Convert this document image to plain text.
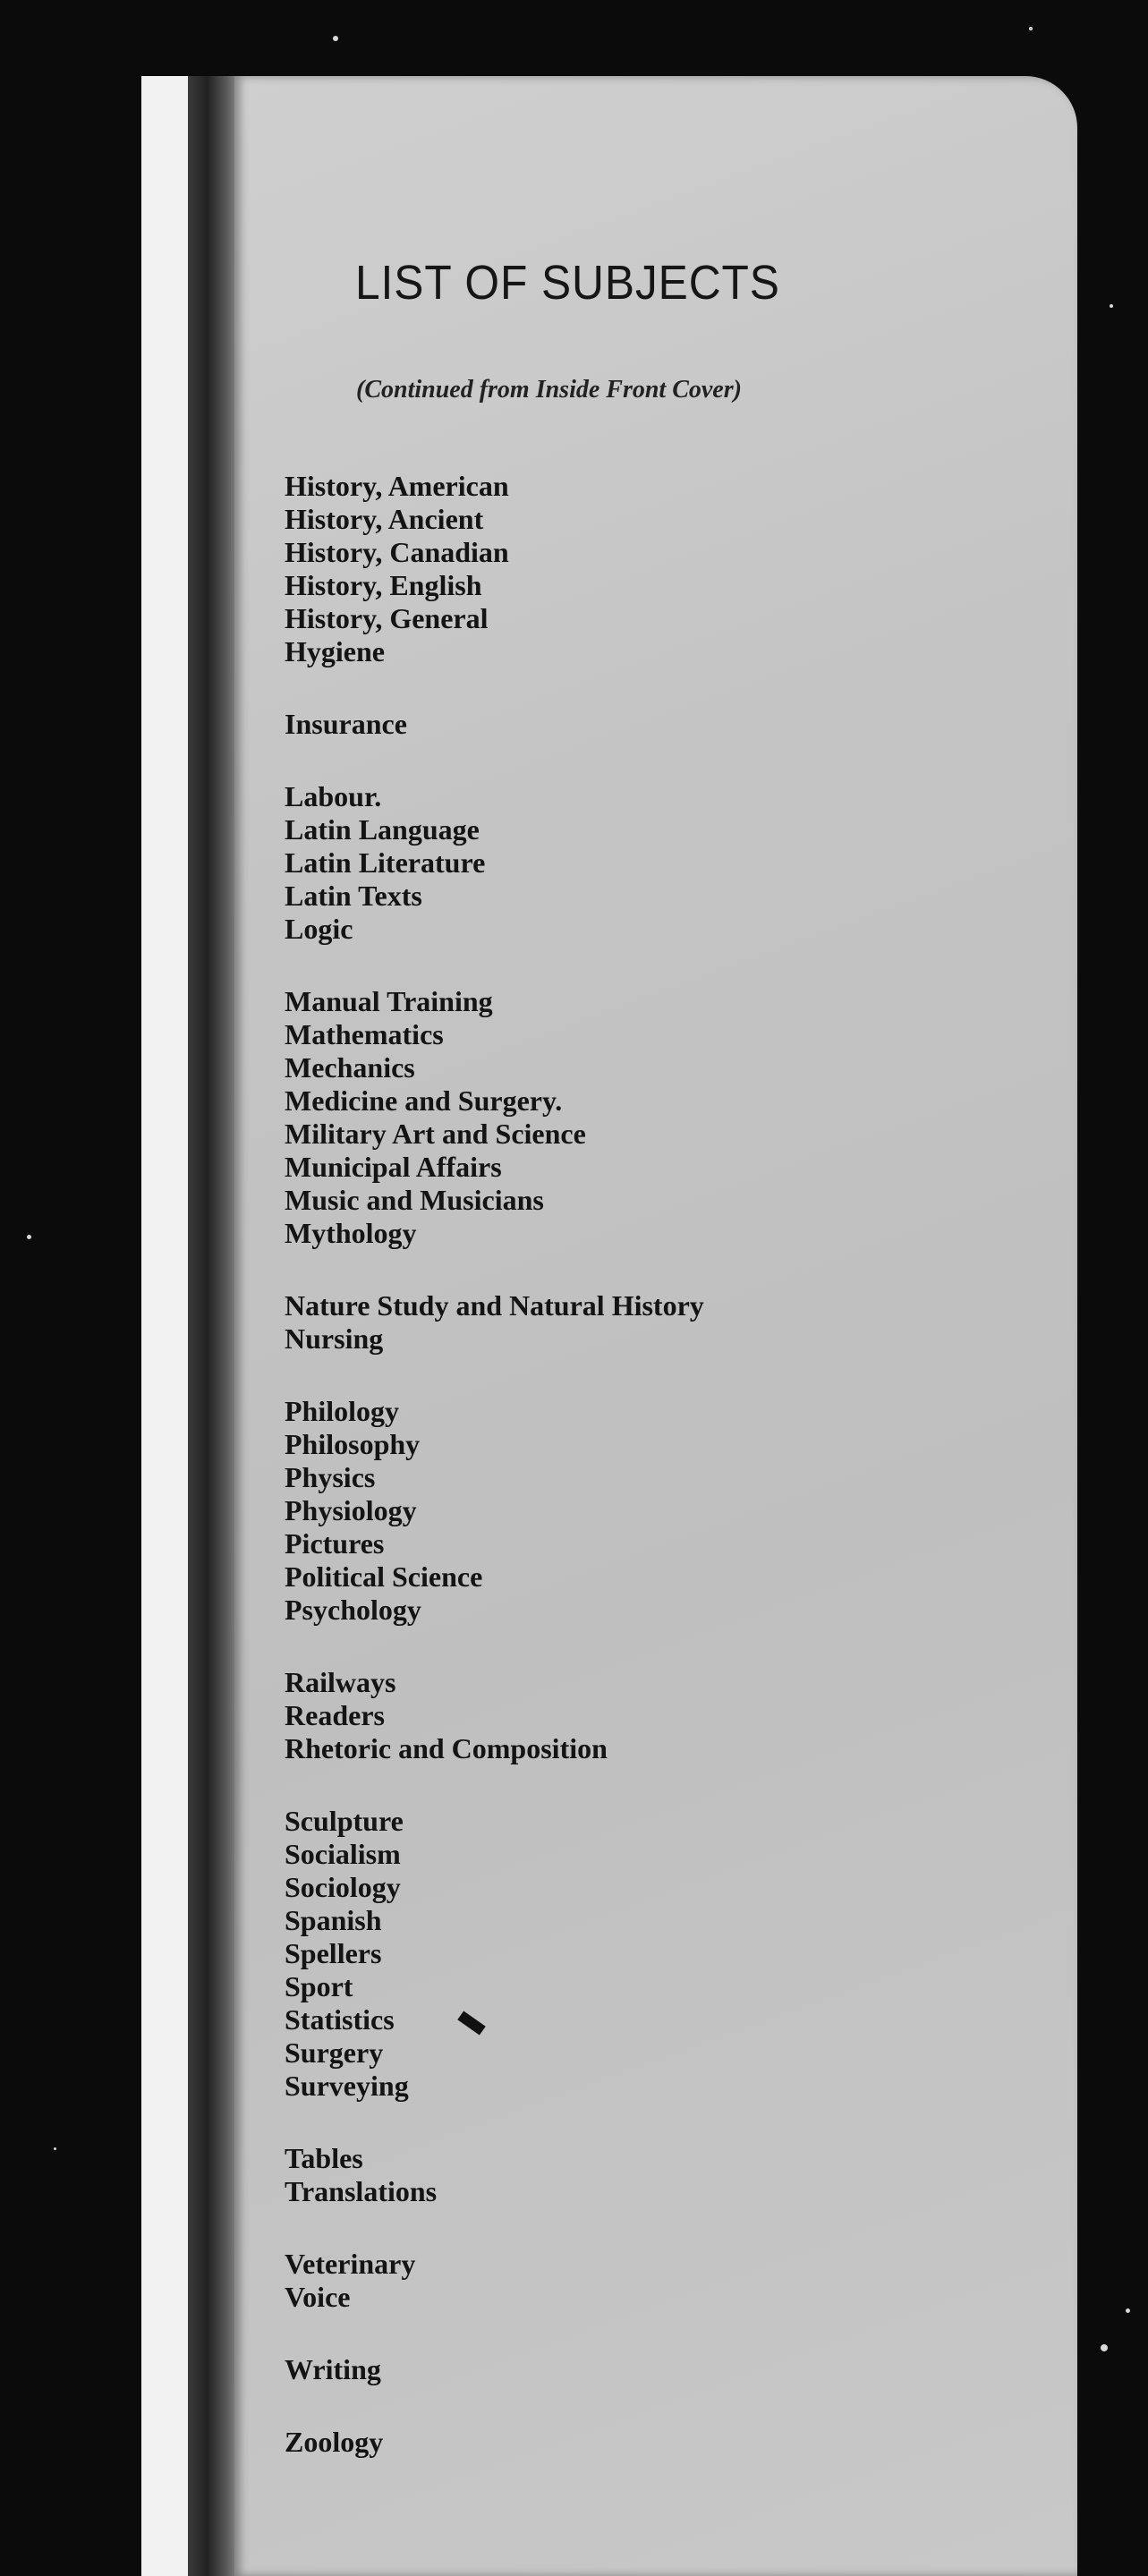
LIST OF SUBJECTS

(Continued from Inside Front Cover)

History, American
History, Ancient
History, Canadian
History, English
History, General
Hygiene
Insurance
Labour.
Latin Language
Latin Literature
Latin Texts
Logic
Manual Training
Mathematics
Mechanics
Medicine and Surgery.
Military Art and Science
Municipal Affairs
Music and Musicians
Mythology
Nature Study and Natural History
Nursing
Philology
Philosophy
Physics
Physiology
Pictures
Political Science
Psychology
Railways
Readers
Rhetoric and Composition
Sculpture
Socialism
Sociology
Spanish
Spellers
Sport
Statistics
Surgery
Surveying
Tables
Translations
Veterinary
Voice
Writing
Zoology
